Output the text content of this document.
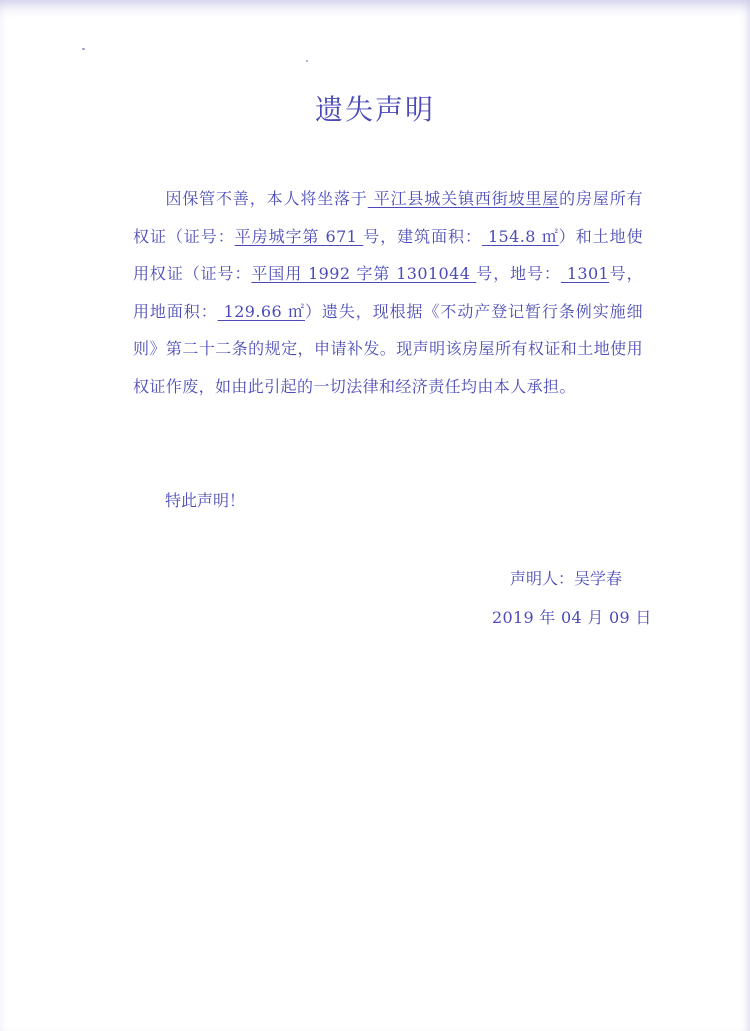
遗失声明
因保管不善，本人将坐落于 平江县城关镇西街坡里屋的房屋所有权证（证号：平房城字第 671 号，建筑面积： 154.8 ㎡）和土地使用权证（证号：平国用 1992 字第 1301044 号，地号： 1301号，用地面积： 129.66 ㎡）遗失，现根据《不动产登记暂行条例实施细则》第二十二条的规定，申请补发。现声明该房屋所有权证和土地使用权证作废，如由此引起的一切法律和经济责任均由本人承担。
特此声明！
声明人：吴学春
2019 年 04 月 09 日
